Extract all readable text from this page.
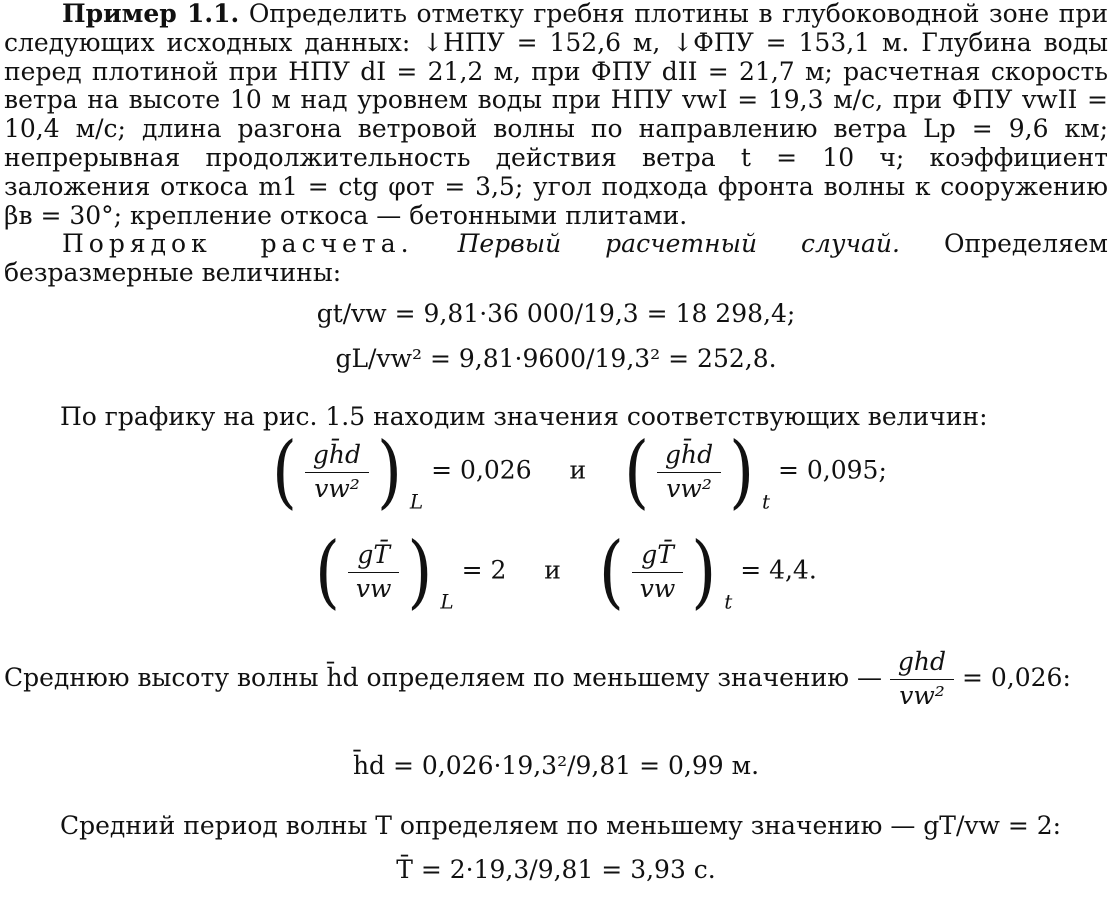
Пример 1.1. Определить отметку гребня плотины в глубоководной зоне при следующих исходных данных: ↓НПУ = 152,6 м, ↓ФПУ = 153,1 м. Глубина воды перед плотиной при НПУ dI = 21,2 м, при ФПУ dII = 21,7 м; расчетная скорость ветра на высоте 10 м над уровнем воды при НПУ vwI = 19,3 м/с, при ФПУ vwII = 10,4 м/с; длина разгона ветровой волны по направлению ветра Lр = 9,6 км; непрерывная продолжительность действия ветра t = 10 ч; коэффициент заложения откоса m1 = ctg φот = 3,5; угол подхода фронта волны к сооружению βв = 30°; крепление откоса — бетонными плитами.
Порядок расчета. Первый расчетный случай. Определяем безразмерные величины:
gt/vw = 9,81·36 000/19,3 = 18 298,4;
gL/vw² = 9,81·9600/19,3² = 252,8.
По графику на рис. 1.5 находим значения соответствующих величин:
( $\frac{gh̄d}{\text{vw²}}$ ) $_L$ = 0,026 и ( $\frac{gh̄d}{\text{vw²}}$ ) $_t$ = 0,095;
( $\frac{gT̄}{vw}$ ) $_L$ = 2 и ( $\frac{gT̄}{vw}$ ) $_t$ = 4,4.
Среднюю высоту волны h̄d определяем по меньшему значению — $\frac{\text{ghd}}{\text{vw²}} = 0,026$:
h̄d = 0,026·19,3²/9,81 = 0,99 м.
Средний период волны T определяем по меньшему значению — gT/vw = 2:
T̄ = 2·19,3/9,81 = 3,93 с.
